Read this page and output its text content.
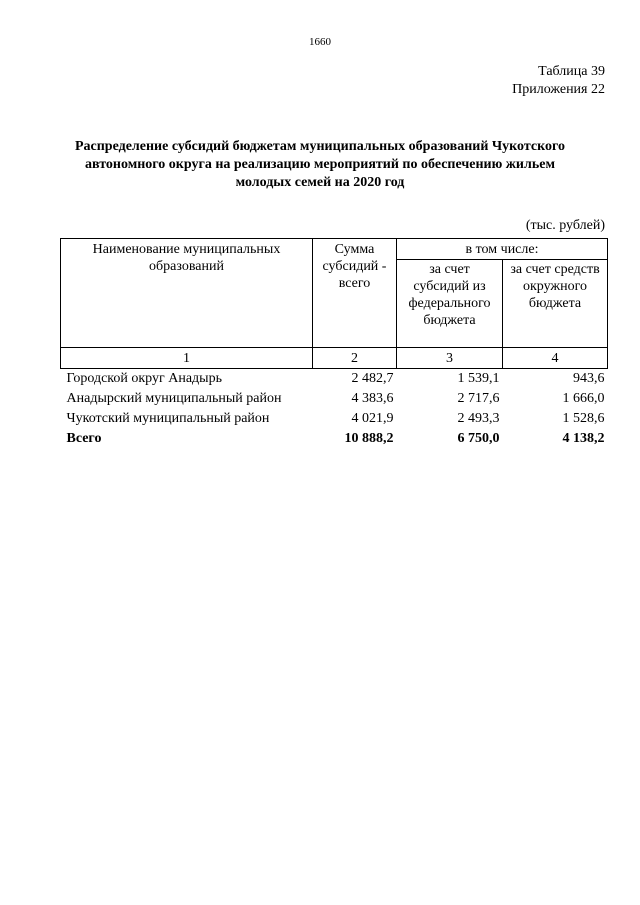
1660
Таблица 39
Приложения 22
Распределение субсидий бюджетам муниципальных образований Чукотского
автономного округа на реализацию мероприятий по обеспечению жильем
молодых семей на 2020 год
(тыс. рублей)
Наименование муниципальных образований	Сумма субсидий - всего	в том числе:	
		за счет субсидий из федерального бюджета	за счет средств окружного бюджета
1	2	3	4
Городской округ Анадырь	2 482,7	1 539,1	943,6
Анадырский муниципальный район	4 383,6	2 717,6	1 666,0
Чукотский муниципальный район	4 021,9	2 493,3	1 528,6
Всего	10 888,2	6 750,0	4 138,2
